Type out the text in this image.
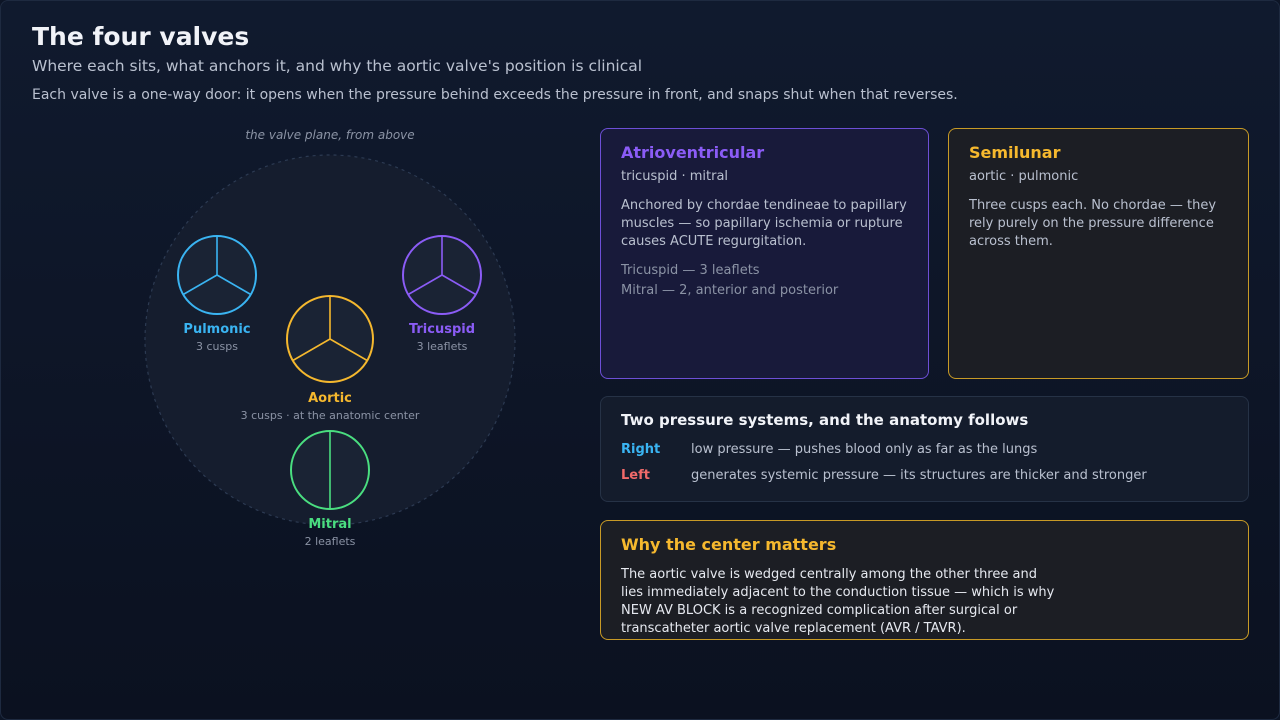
The four valves
Where each sits, what anchors it, and why the aortic valve's position is clinical
Each valve is a one-way door: it opens when the pressure behind exceeds the pressure in front, and snaps shut when that reverses.
the valve plane, from above
Pulmonic
3 cusps
Tricuspid
3 leaflets
Aortic
3 cusps · at the anatomic center
Mitral
2 leaflets
Atrioventricular
tricuspid · mitral
Anchored by chordae tendineae to papillary muscles — so papillary ischemia or rupture causes ACUTE regurgitation.
Tricuspid — 3 leaflets
Mitral — 2, anterior and posterior
Semilunar
aortic · pulmonic
Three cusps each. No chordae — they rely purely on the pressure difference across them.
Two pressure systems, and the anatomy follows
Right low pressure — pushes blood only as far as the lungs
Left	generates systemic pressure — its structures are thicker and stronger
Why the center matters
The aortic valve is wedged centrally among the other three and lies immediately adjacent to the conduction tissue — which is why NEW AV BLOCK is a recognized complication after surgical or transcatheter aortic valve replacement (AVR / TAVR).
